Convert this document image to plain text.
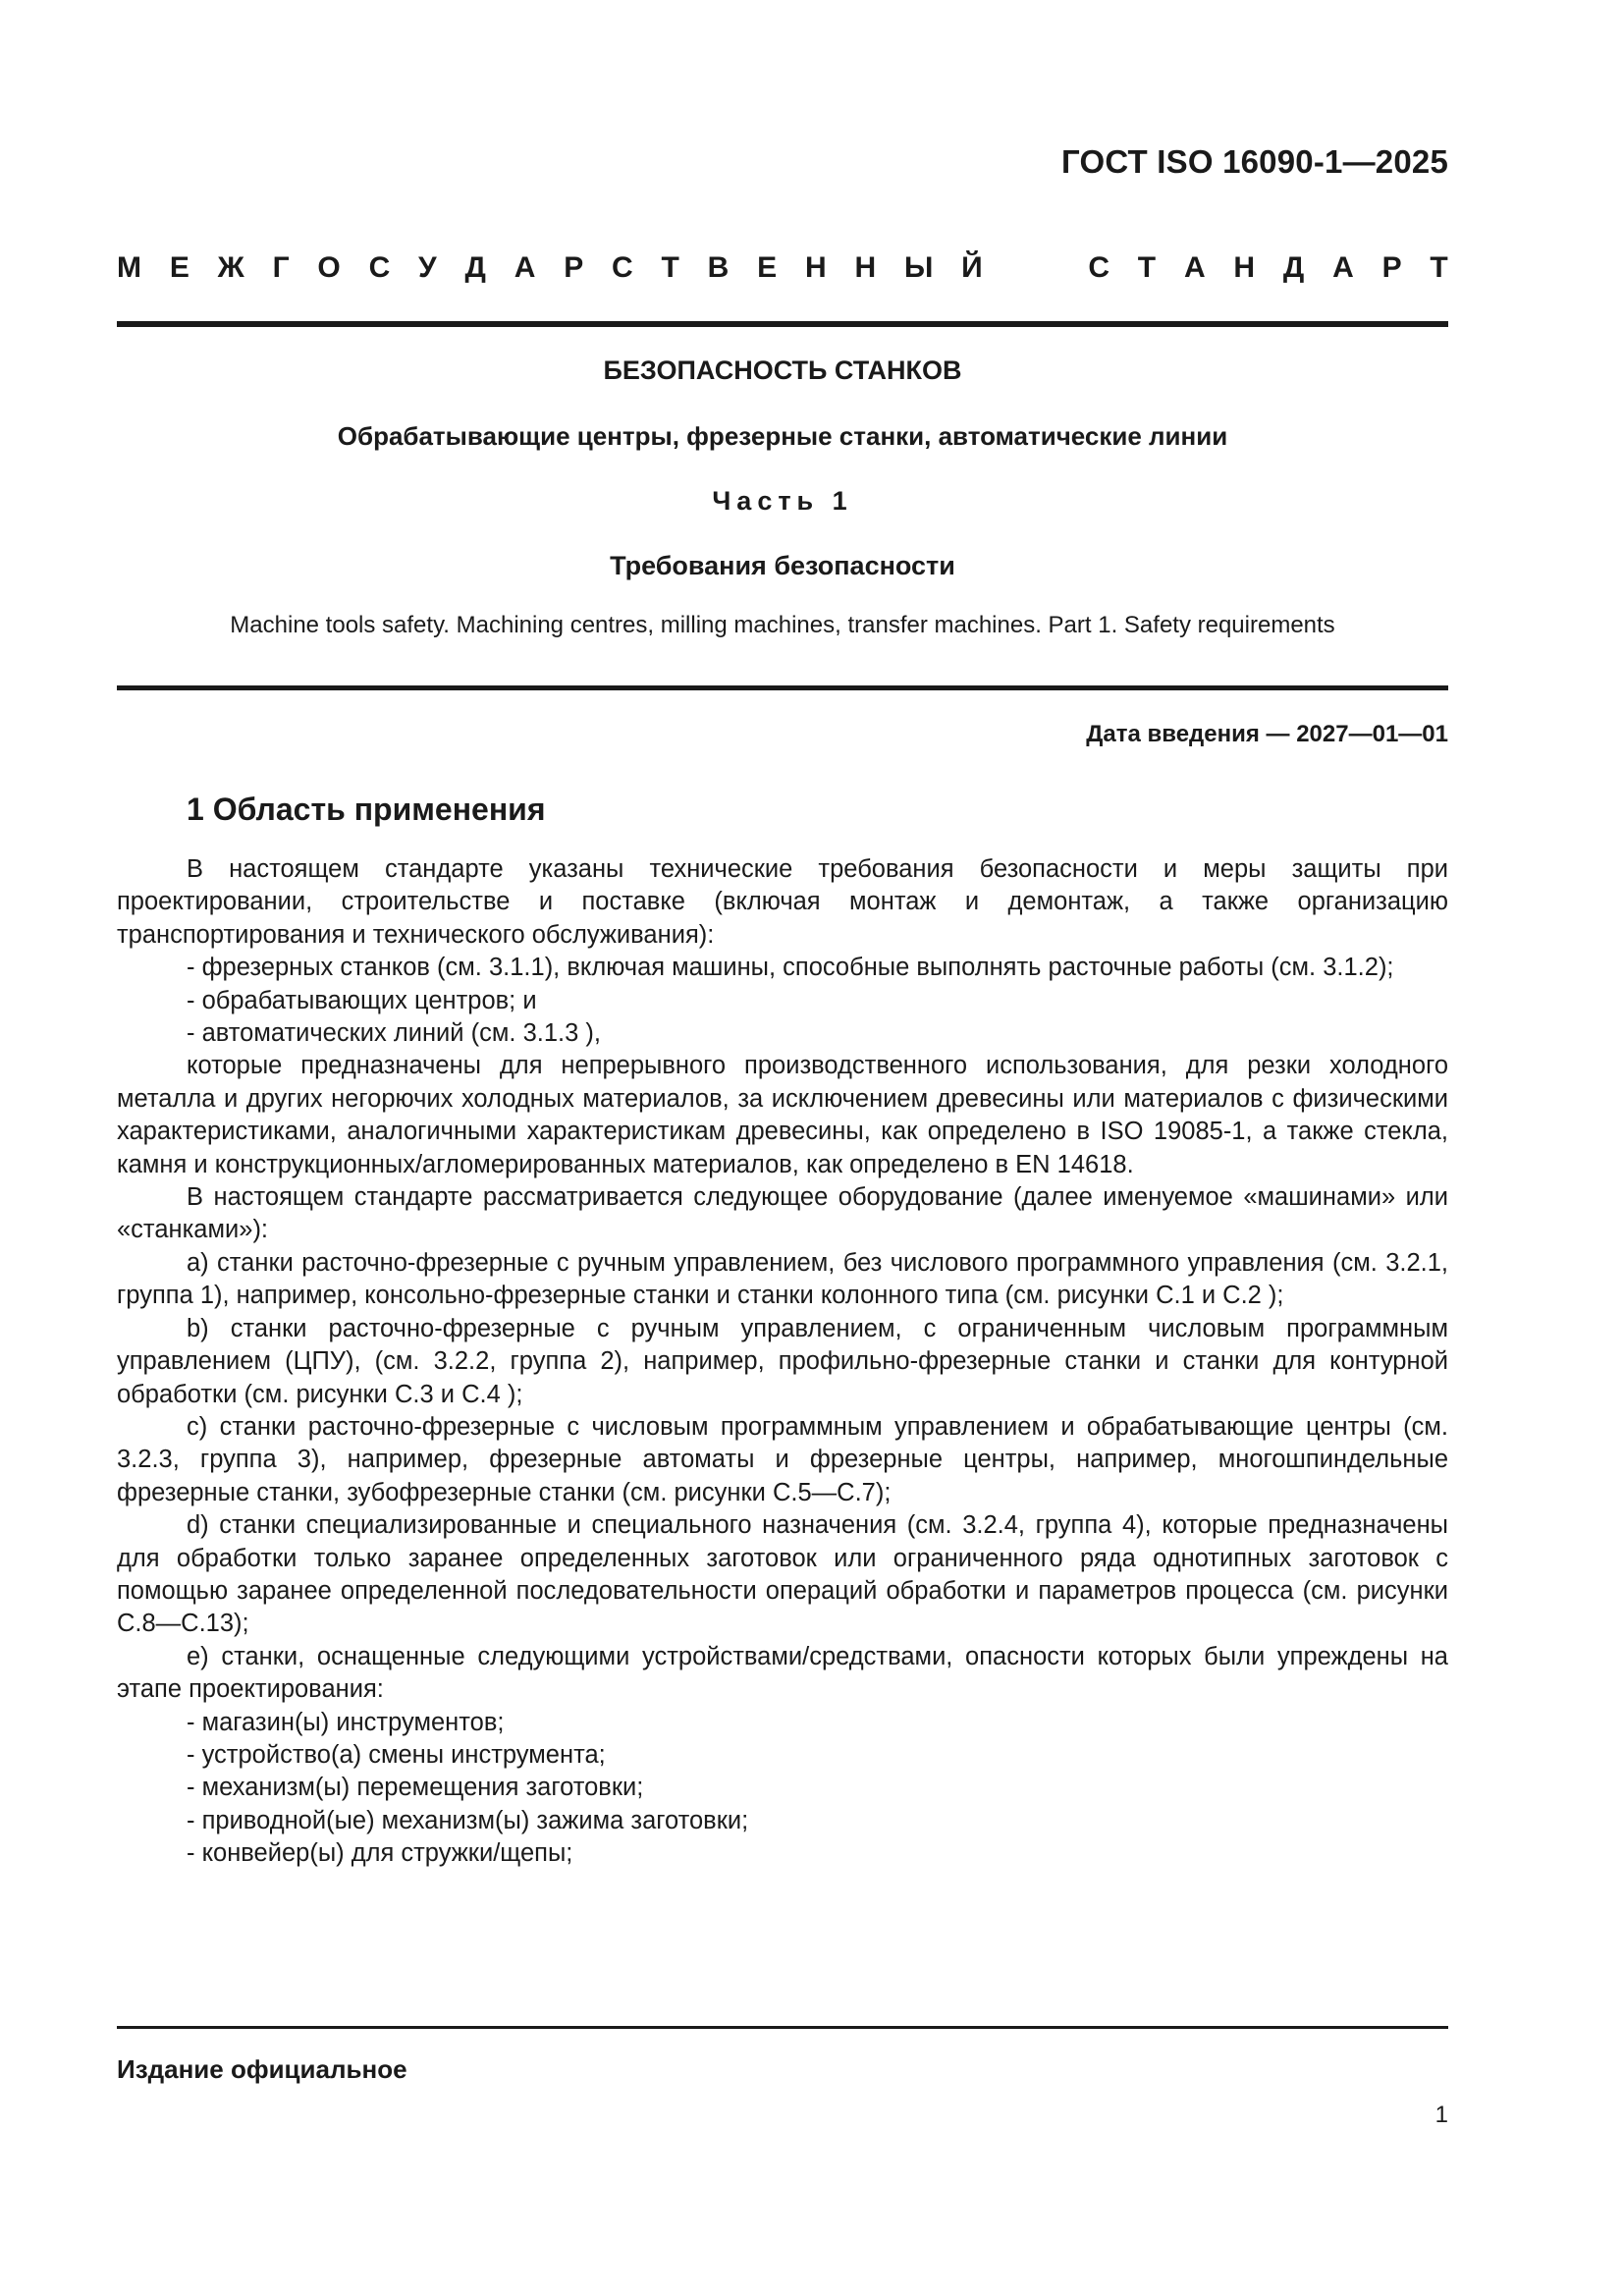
ГОСТ ISO 16090-1—2025
М Е Ж Г О С У Д А Р С Т В Е Н Н Ы Й	С Т А Н Д А Р Т
БЕЗОПАСНОСТЬ СТАНКОВ
Обрабатывающие центры, фрезерные станки, автоматические линии
Часть 1
Требования безопасности
Machine tools safety. Machining centres, milling machines, transfer machines. Part 1. Safety requirements
Дата введения — 2027—01—01
1 Область применения

В настоящем стандарте указаны технические требования безопасности и меры защиты при проектировании, строительстве и поставке (включая монтаж и демонтаж, а также организацию транспортирования и технического обслуживания):

- фрезерных станков (см. 3.1.1), включая машины, способные выполнять расточные работы (см. 3.1.2);

- обрабатывающих центров; и

- автоматических линий (см. 3.1.3 ),

которые предназначены для непрерывного производственного использования, для резки холодного металла и других негорючих холодных материалов, за исключением древесины или материалов с физическими характеристиками, аналогичными характеристикам древесины, как определено в ISO 19085-1, а также стекла, камня и конструкционных/агломерированных материалов, как определено в EN 14618.

В настоящем стандарте рассматривается следующее оборудование (далее именуемое «машинами» или «станками»):

а) станки расточно-фрезерные с ручным управлением, без числового программного управления (см. 3.2.1, группа 1), например, консольно-фрезерные станки и станки колонного типа (см. рисунки С.1 и С.2 );

b) станки расточно-фрезерные с ручным управлением, с ограниченным числовым программным управлением (ЦПУ), (см. 3.2.2, группа 2), например, профильно-фрезерные станки и станки для контурной обработки (см. рисунки С.3 и С.4 );

с) станки расточно-фрезерные с числовым программным управлением и обрабатывающие центры (см. 3.2.3, группа 3), например, фрезерные автоматы и фрезерные центры, например, многошпиндельные фрезерные станки, зубофрезерные станки (см. рисунки С.5—С.7);

d) станки специализированные и специального назначения (см. 3.2.4, группа 4), которые предназначены для обработки только заранее определенных заготовок или ограниченного ряда однотипных заготовок с помощью заранее определенной последовательности операций обработки и параметров процесса (см. рисунки С.8—С.13);

е) станки, оснащенные следующими устройствами/средствами, опасности которых были упреждены на этапе проектирования:

- магазин(ы) инструментов;

- устройство(а) смены инструмента;

- механизм(ы) перемещения заготовки;

- приводной(ые) механизм(ы) зажима заготовки;

- конвейер(ы) для стружки/щепы;

Издание официальное
1
